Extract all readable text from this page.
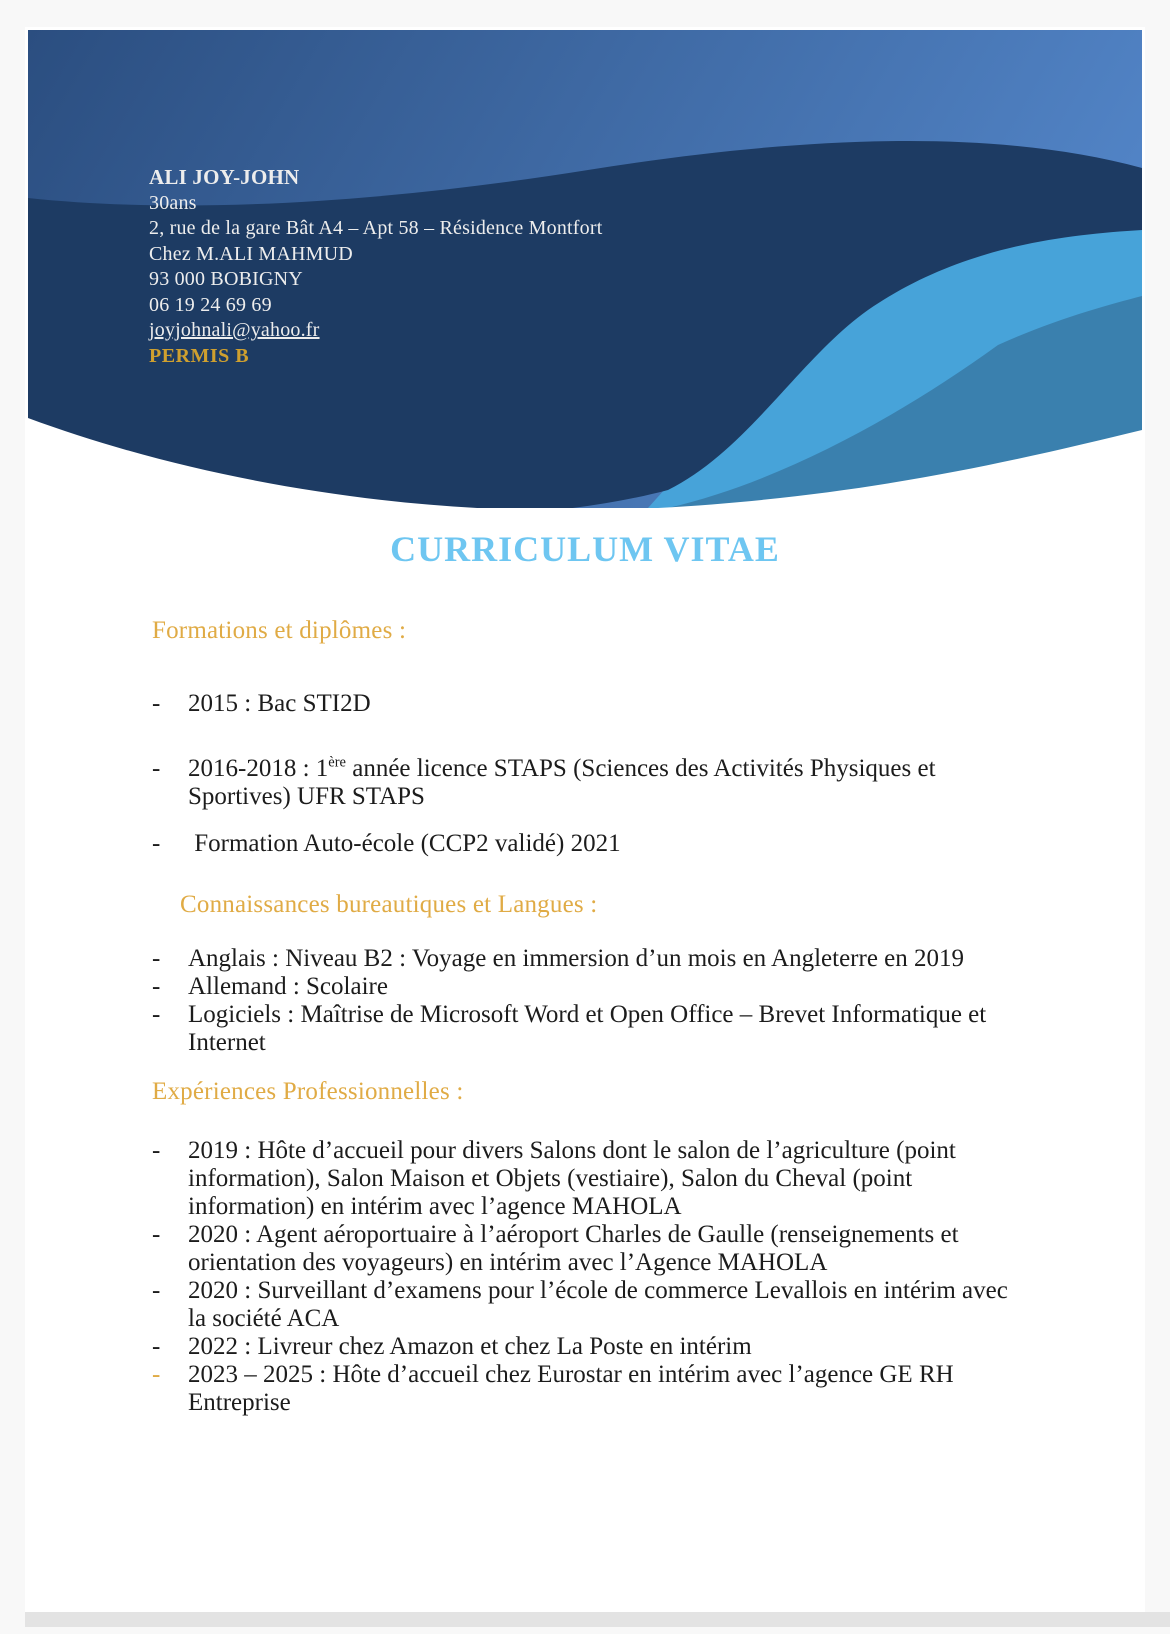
ALI JOY-JOHN
30ans
2, rue de la gare Bât A4 – Apt 58 – Résidence Montfort
Chez M.ALI MAHMUD
93 000 BOBIGNY
06 19 24 69 69
joyjohnali@yahoo.fr
PERMIS B
CURRICULUM VITAE
Formations et diplômes :
-	2015 : Bac STI2D
-	2016-2018 : 1ère année licence STAPS (Sciences des Activités Physiques et Sportives) UFR STAPS
-	Formation Auto-école (CCP2 validé) 2021
Connaissances bureautiques et Langues :
-	Anglais : Niveau B2 : Voyage en immersion d’un mois en Angleterre en 2019
-	Allemand : Scolaire
-	Logiciels : Maîtrise de Microsoft Word et Open Office – Brevet Informatique et Internet
Expériences Professionnelles :
-	2019 : Hôte d’accueil pour divers Salons dont le salon de l’agriculture (point information), Salon Maison et Objets (vestiaire), Salon du Cheval (point information) en intérim avec l’agence MAHOLA
-	2020 : Agent aéroportuaire à l’aéroport Charles de Gaulle (renseignements et orientation des voyageurs) en intérim avec l’Agence MAHOLA
-	2020 : Surveillant d’examens pour l’école de commerce Levallois en intérim avec la société ACA
-	2022 : Livreur chez Amazon et chez La Poste en intérim
-	2023 – 2025 : Hôte d’accueil chez Eurostar en intérim avec l’agence GE RH Entreprise
